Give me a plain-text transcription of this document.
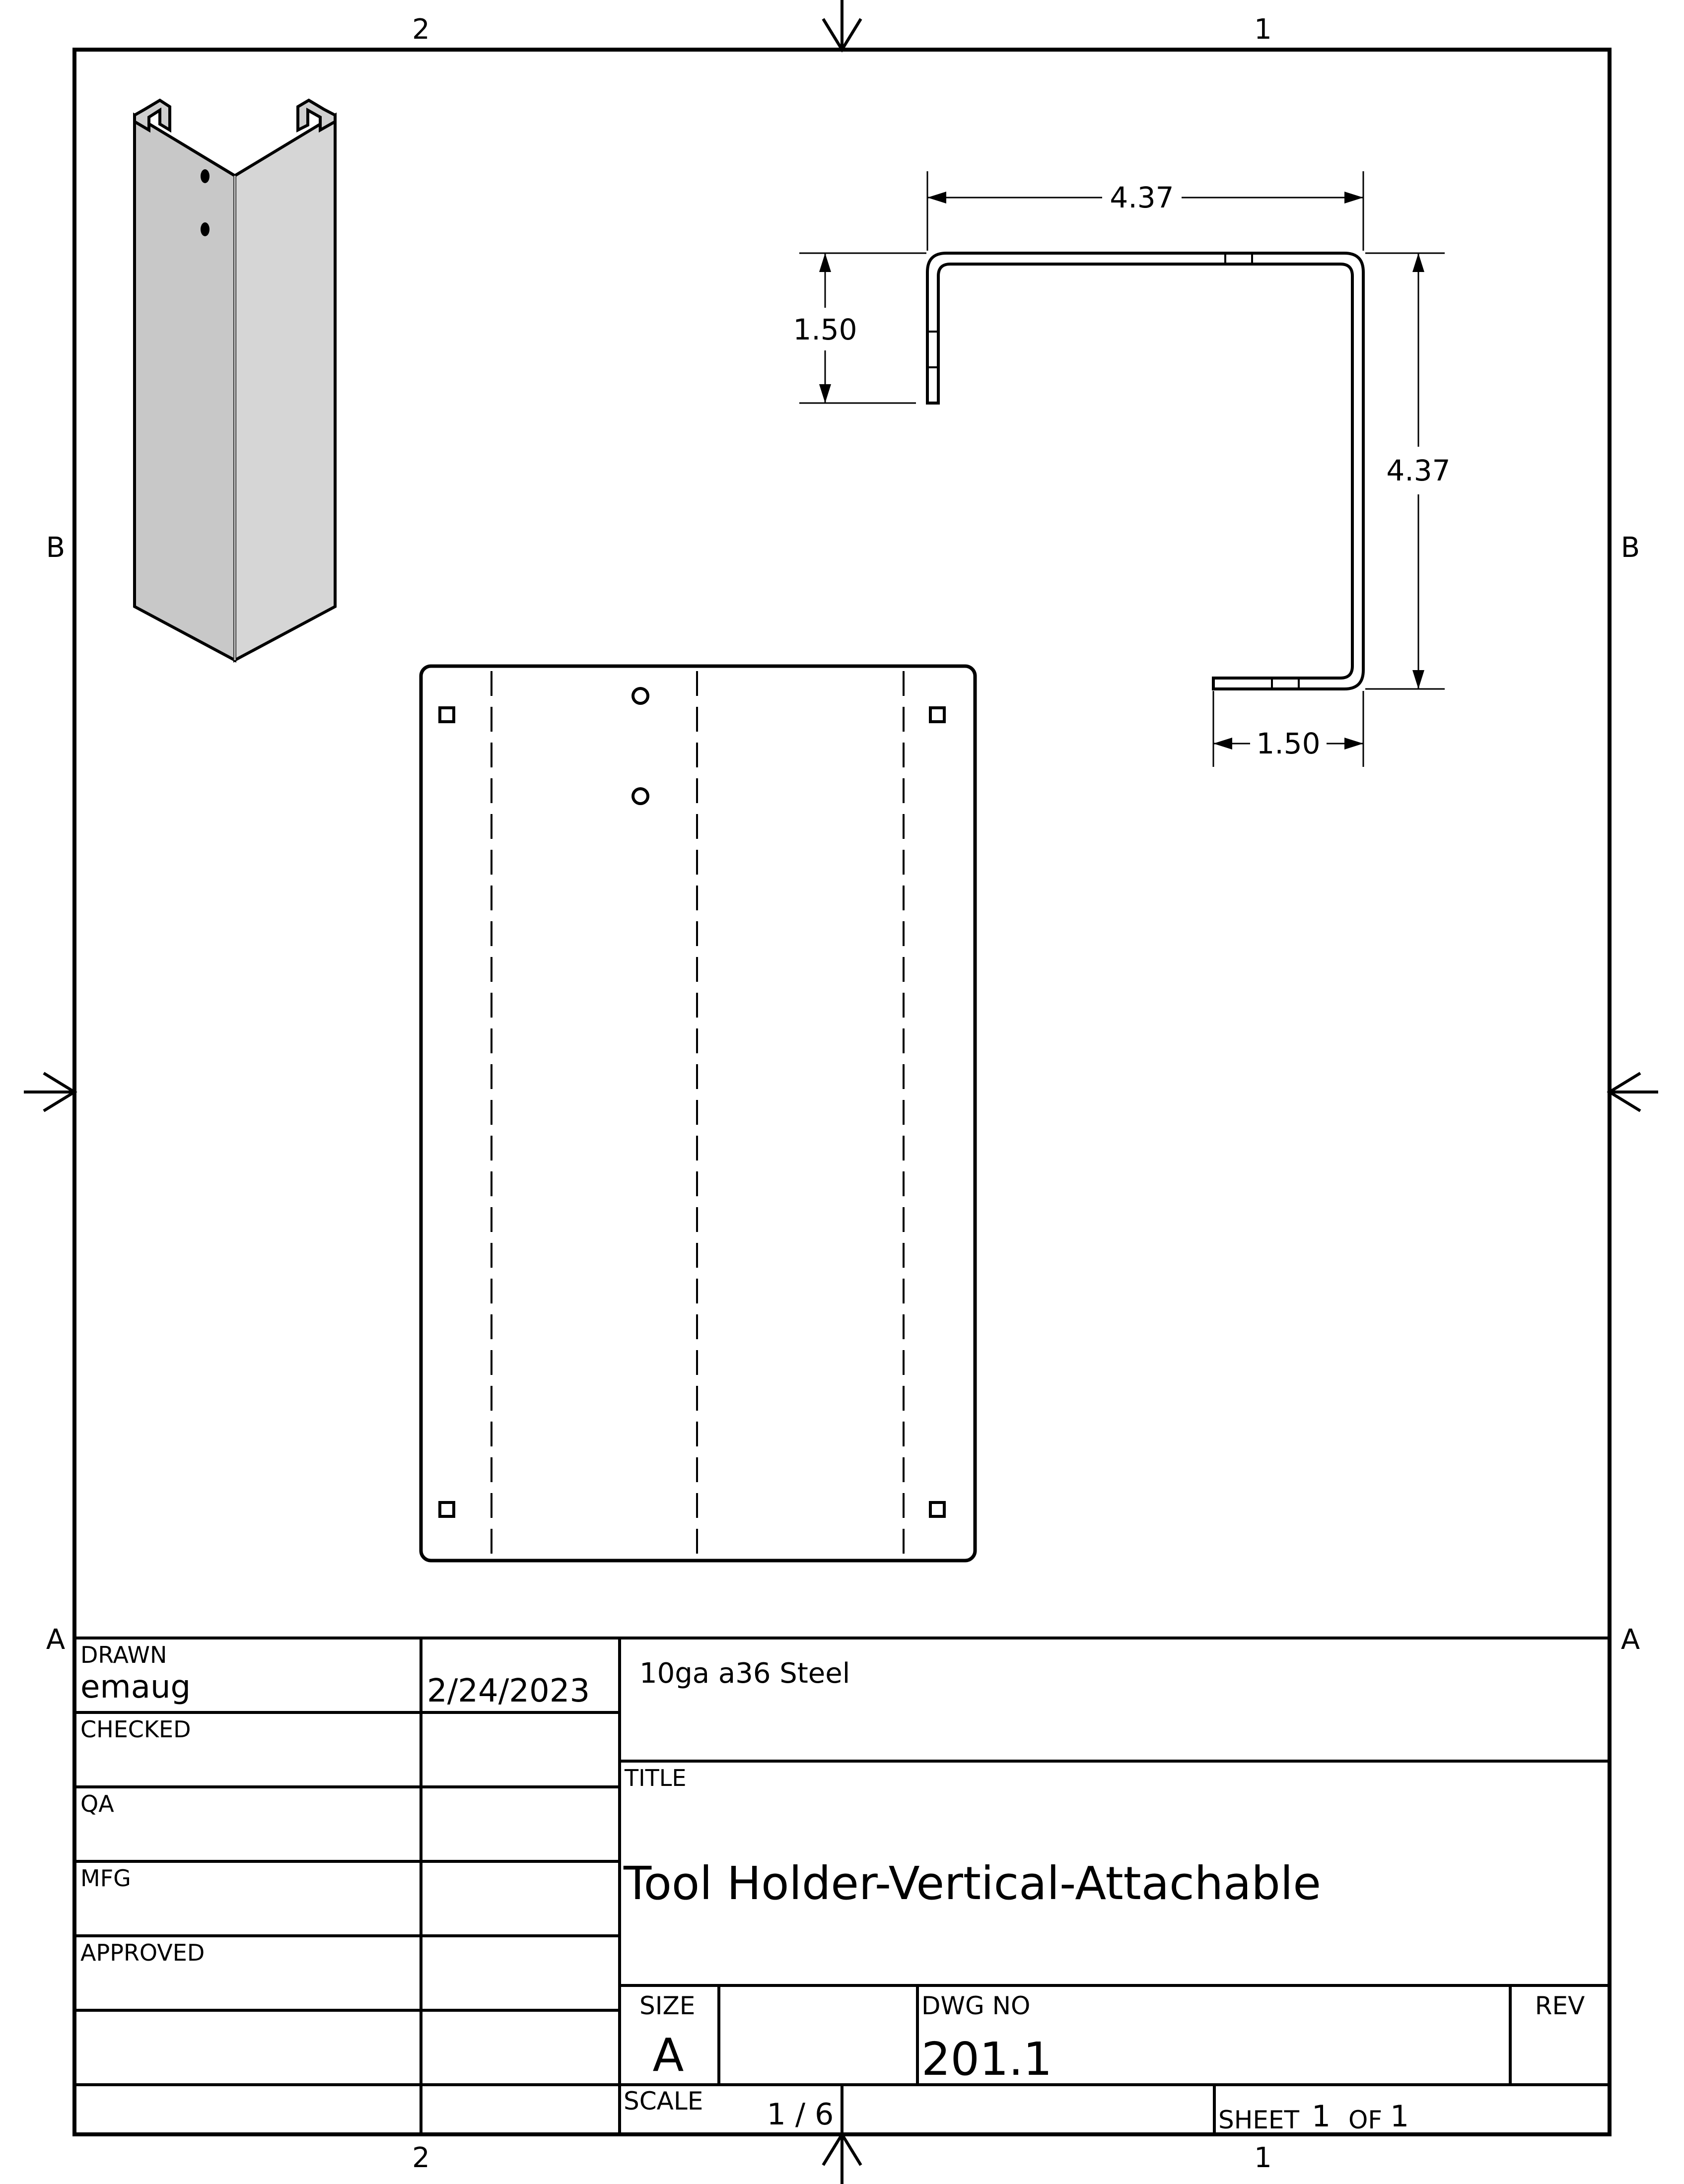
2	1
2	1
B	B
A	A
4.37
1.50
4.37
1.50
DRAWN
emaug	2/24/2023
CHECKED
QA
MFG
APPROVED
10ga a36 Steel
TITLE
Tool Holder-Vertical-Attachable
SIZE
A
DWG NO
201.1
REV
SCALE 1 / 6	SHEET 1 OF 1
